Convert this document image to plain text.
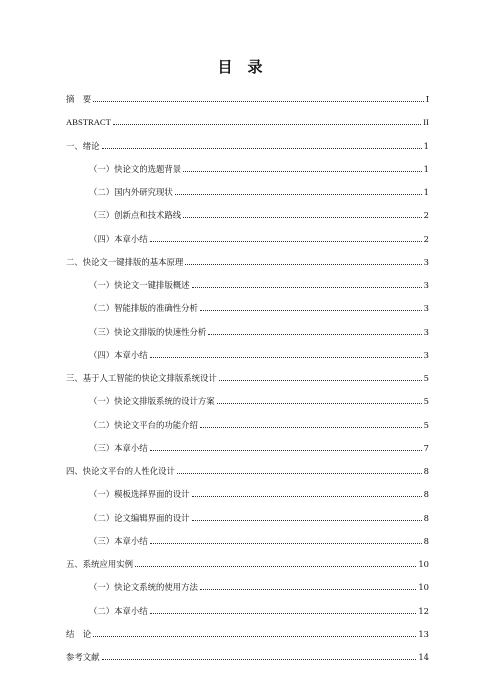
目　录
摘　要	I
ABSTRACT	II
一、绪论	1
（一）快论文的选题背景	1
（二）国内外研究现状	1
（三）创新点和技术路线	2
（四）本章小结	2
二、快论文一键排版的基本原理	3
（一）快论文一键排版概述	3
（二）智能排版的准确性分析	3
（三）快论文排版的快速性分析	3
（四）本章小结	3
三、基于人工智能的快论文排版系统设计	5
（一）快论文排版系统的设计方案	5
（二）快论文平台的功能介绍	5
（三）本章小结	7
四、快论文平台的人性化设计	8
（一）模板选择界面的设计	8
（二）论文编辑界面的设计	8
（三）本章小结	8
五、系统应用实例	10
（一）快论文系统的使用方法	10
（二）本章小结	12
结　论	13
参考文献	14
